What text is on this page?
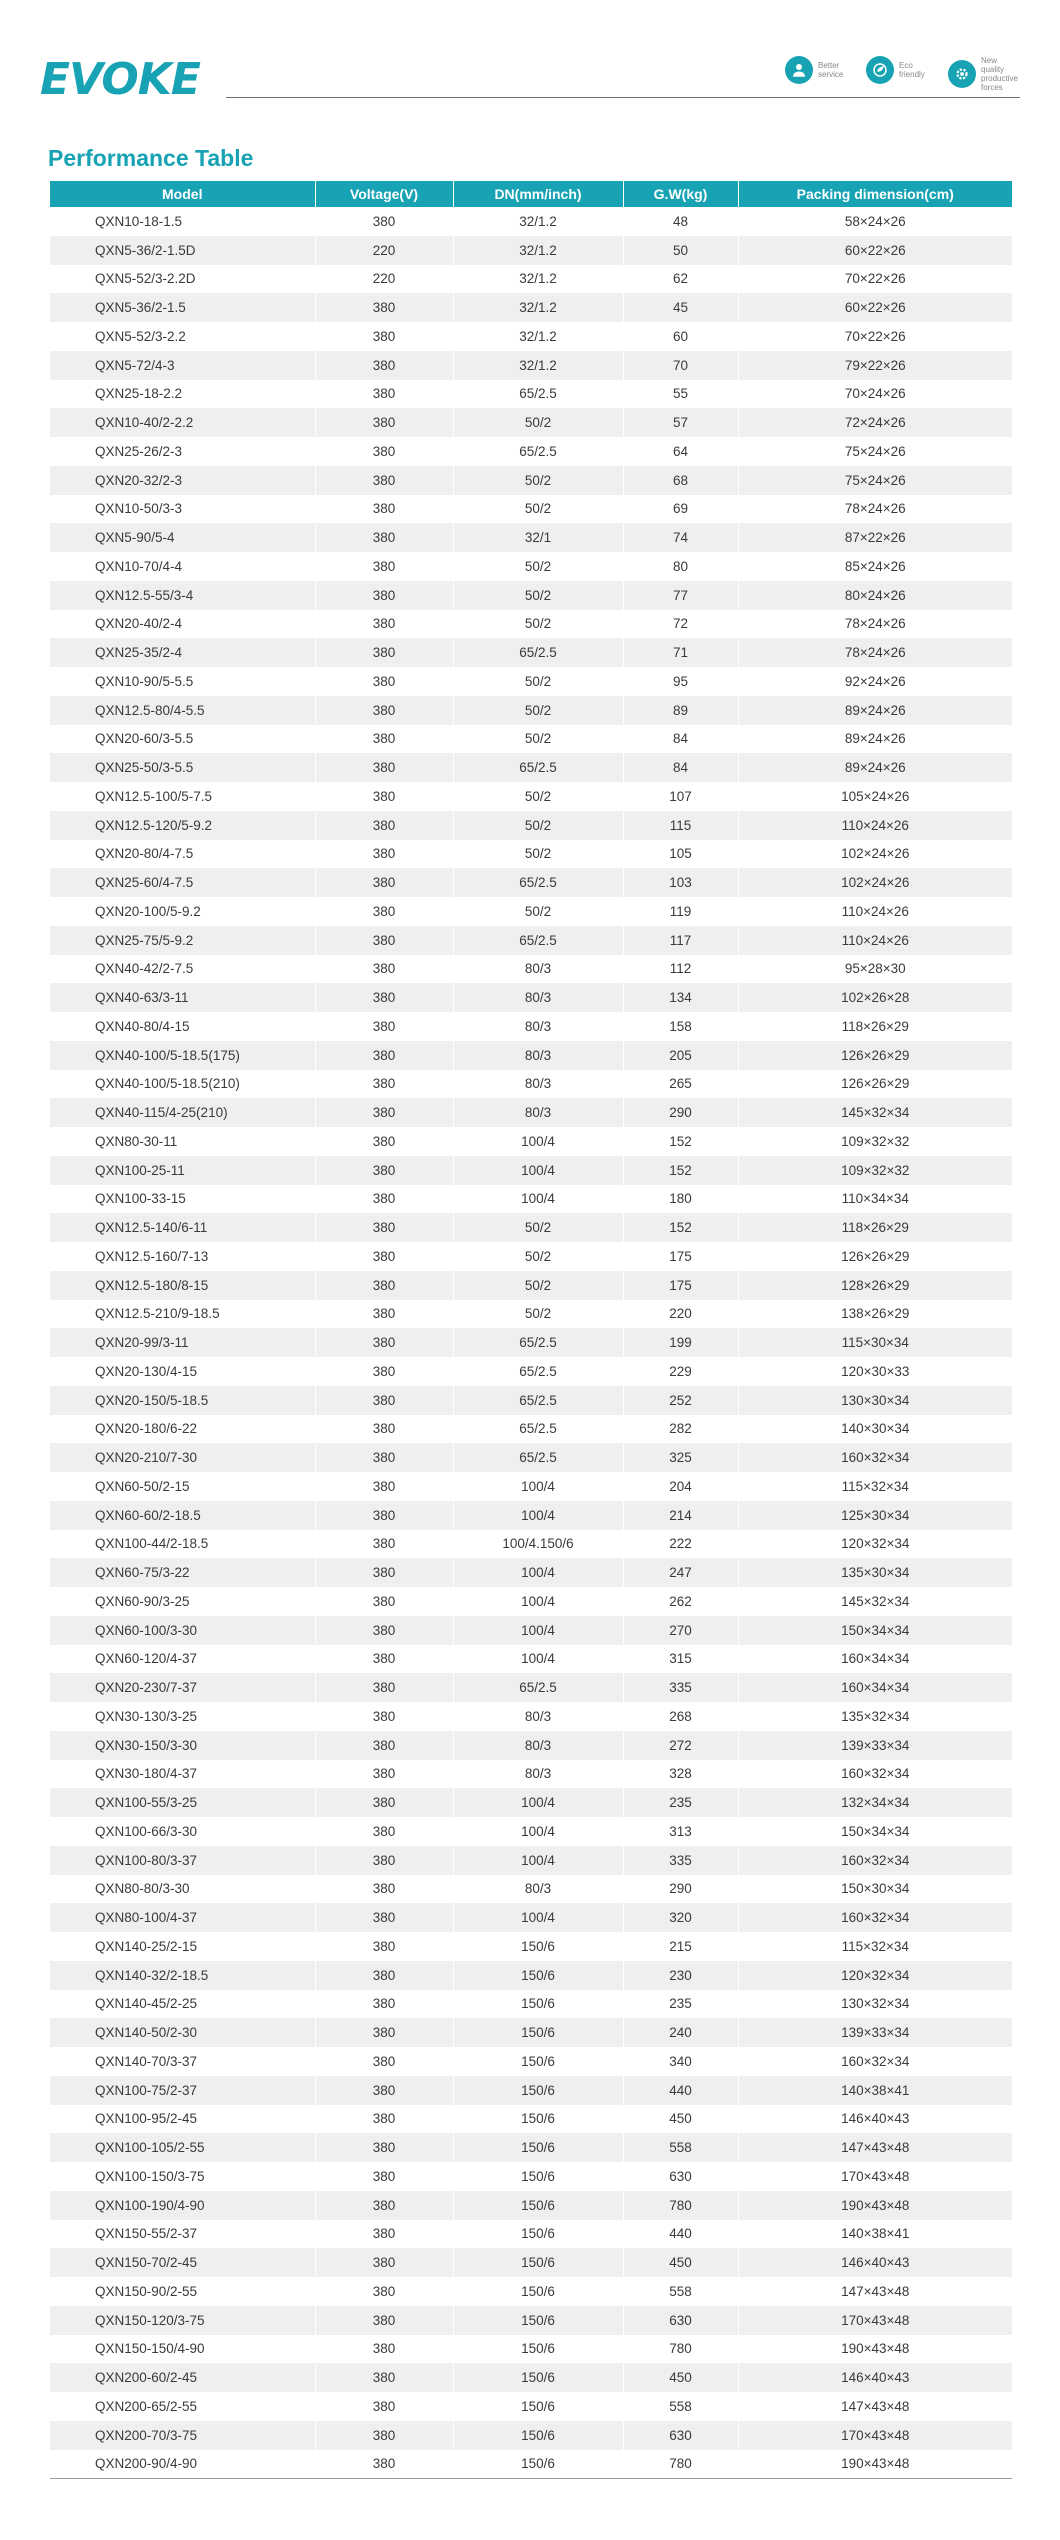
EVOKE	Better service
Eco friendly
New quality productive forces
Performance Table
Model	Voltage(V)	DN(mm/inch)	G.W(kg)	Packing dimension(cm)
QXN10-18-1.5	380	32/1.2	48	58×24×26
QXN5-36/2-1.5D	220	32/1.2	50	60×22×26
QXN5-52/3-2.2D	220	32/1.2	62	70×22×26
QXN5-36/2-1.5	380	32/1.2	45	60×22×26
QXN5-52/3-2.2	380	32/1.2	60	70×22×26
QXN5-72/4-3	380	32/1.2	70	79×22×26
QXN25-18-2.2	380	65/2.5	55	70×24×26
QXN10-40/2-2.2	380	50/2	57	72×24×26
QXN25-26/2-3	380	65/2.5	64	75×24×26
QXN20-32/2-3	380	50/2	68	75×24×26
QXN10-50/3-3	380	50/2	69	78×24×26
QXN5-90/5-4	380	32/1	74	87×22×26
QXN10-70/4-4	380	50/2	80	85×24×26
QXN12.5-55/3-4	380	50/2	77	80×24×26
QXN20-40/2-4	380	50/2	72	78×24×26
QXN25-35/2-4	380	65/2.5	71	78×24×26
QXN10-90/5-5.5	380	50/2	95	92×24×26
QXN12.5-80/4-5.5	380	50/2	89	89×24×26
QXN20-60/3-5.5	380	50/2	84	89×24×26
QXN25-50/3-5.5	380	65/2.5	84	89×24×26
QXN12.5-100/5-7.5	380	50/2	107	105×24×26
QXN12.5-120/5-9.2	380	50/2	115	110×24×26
QXN20-80/4-7.5	380	50/2	105	102×24×26
QXN25-60/4-7.5	380	65/2.5	103	102×24×26
QXN20-100/5-9.2	380	50/2	119	110×24×26
QXN25-75/5-9.2	380	65/2.5	117	110×24×26
QXN40-42/2-7.5	380	80/3	112	95×28×30
QXN40-63/3-11	380	80/3	134	102×26×28
QXN40-80/4-15	380	80/3	158	118×26×29
QXN40-100/5-18.5(175)	380	80/3	205	126×26×29
QXN40-100/5-18.5(210)	380	80/3	265	126×26×29
QXN40-115/4-25(210)	380	80/3	290	145×32×34
QXN80-30-11	380	100/4	152	109×32×32
QXN100-25-11	380	100/4	152	109×32×32
QXN100-33-15	380	100/4	180	110×34×34
QXN12.5-140/6-11	380	50/2	152	118×26×29
QXN12.5-160/7-13	380	50/2	175	126×26×29
QXN12.5-180/8-15	380	50/2	175	128×26×29
QXN12.5-210/9-18.5	380	50/2	220	138×26×29
QXN20-99/3-11	380	65/2.5	199	115×30×34
QXN20-130/4-15	380	65/2.5	229	120×30×33
QXN20-150/5-18.5	380	65/2.5	252	130×30×34
QXN20-180/6-22	380	65/2.5	282	140×30×34
QXN20-210/7-30	380	65/2.5	325	160×32×34
QXN60-50/2-15	380	100/4	204	115×32×34
QXN60-60/2-18.5	380	100/4	214	125×30×34
QXN100-44/2-18.5	380	100/4.150/6	222	120×32×34
QXN60-75/3-22	380	100/4	247	135×30×34
QXN60-90/3-25	380	100/4	262	145×32×34
QXN60-100/3-30	380	100/4	270	150×34×34
QXN60-120/4-37	380	100/4	315	160×34×34
QXN20-230/7-37	380	65/2.5	335	160×34×34
QXN30-130/3-25	380	80/3	268	135×32×34
QXN30-150/3-30	380	80/3	272	139×33×34
QXN30-180/4-37	380	80/3	328	160×32×34
QXN100-55/3-25	380	100/4	235	132×34×34
QXN100-66/3-30	380	100/4	313	150×34×34
QXN100-80/3-37	380	100/4	335	160×32×34
QXN80-80/3-30	380	80/3	290	150×30×34
QXN80-100/4-37	380	100/4	320	160×32×34
QXN140-25/2-15	380	150/6	215	115×32×34
QXN140-32/2-18.5	380	150/6	230	120×32×34
QXN140-45/2-25	380	150/6	235	130×32×34
QXN140-50/2-30	380	150/6	240	139×33×34
QXN140-70/3-37	380	150/6	340	160×32×34
QXN100-75/2-37	380	150/6	440	140×38×41
QXN100-95/2-45	380	150/6	450	146×40×43
QXN100-105/2-55	380	150/6	558	147×43×48
QXN100-150/3-75	380	150/6	630	170×43×48
QXN100-190/4-90	380	150/6	780	190×43×48
QXN150-55/2-37	380	150/6	440	140×38×41
QXN150-70/2-45	380	150/6	450	146×40×43
QXN150-90/2-55	380	150/6	558	147×43×48
QXN150-120/3-75	380	150/6	630	170×43×48
QXN150-150/4-90	380	150/6	780	190×43×48
QXN200-60/2-45	380	150/6	450	146×40×43
QXN200-65/2-55	380	150/6	558	147×43×48
QXN200-70/3-75	380	150/6	630	170×43×48
QXN200-90/4-90	380	150/6	780	190×43×48
